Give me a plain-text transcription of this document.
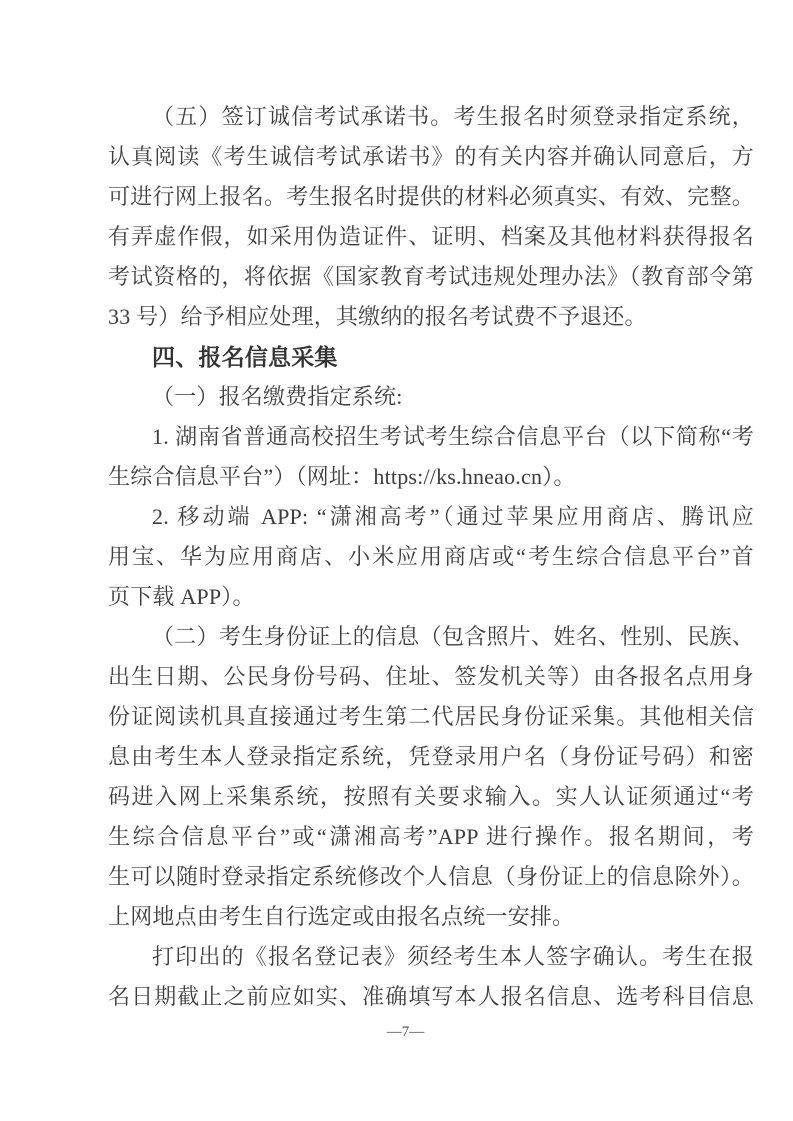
（五）签订诚信考试承诺书。考生报名时须登录指定系统，
认真阅读《考生诚信考试承诺书》的有关内容并确认同意后，方
可进行网上报名。考生报名时提供的材料必须真实、有效、完整。
有弄虚作假，如采用伪造证件、证明、档案及其他材料获得报名
考试资格的，将依据《国家教育考试违规处理办法》（教育部令第
33 号）给予相应处理，其缴纳的报名考试费不予退还。
四、报名信息采集
（一）报名缴费指定系统:
1. 湖南省普通高校招生考试考生综合信息平台（以下简称“考
生综合信息平台”）（网址：https://ks.hneao.cn）。
2. 移动端 APP: “潇湘高考”（通过苹果应用商店、腾讯应
用宝、华为应用商店、小米应用商店或“考生综合信息平台”首
页下载 APP）。
（二）考生身份证上的信息（包含照片、姓名、性别、民族、
出生日期、公民身份号码、住址、签发机关等）由各报名点用身
份证阅读机具直接通过考生第二代居民身份证采集。其他相关信
息由考生本人登录指定系统，凭登录用户名（身份证号码）和密
码进入网上采集系统，按照有关要求输入。实人认证须通过“考
生综合信息平台”或“潇湘高考”APP 进行操作。报名期间，考
生可以随时登录指定系统修改个人信息（身份证上的信息除外）。
上网地点由考生自行选定或由报名点统一安排。
打印出的《报名登记表》须经考生本人签字确认。考生在报
名日期截止之前应如实、准确填写本人报名信息、选考科目信息
—7—
